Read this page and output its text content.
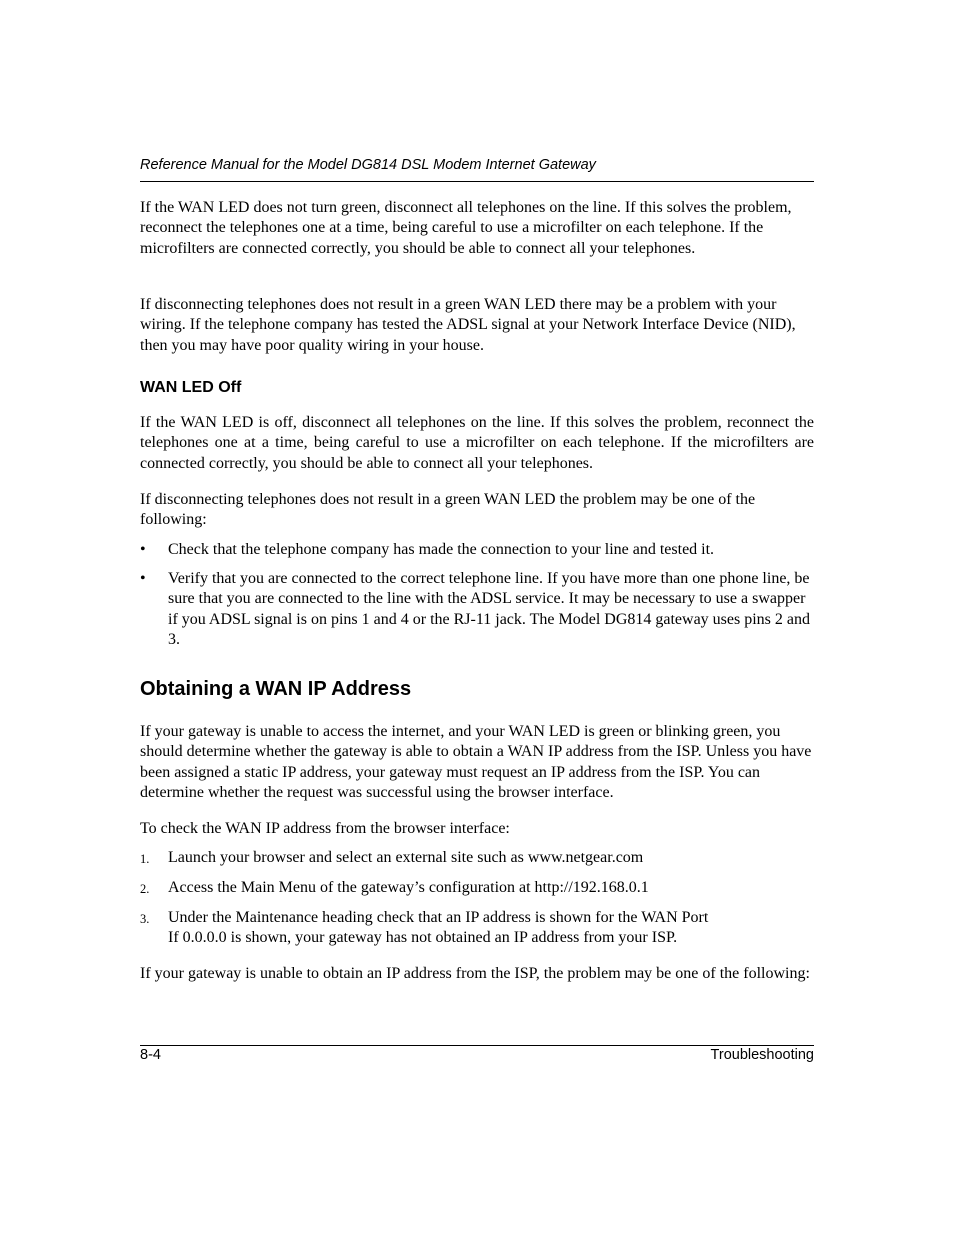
Reference Manual for the Model DG814 DSL Modem Internet Gateway

If the WAN LED does not turn green, disconnect all telephones on the line. If this solves the problem, reconnect the telephones one at a time, being careful to use a microfilter on each telephone. If the microfilters are connected correctly, you should be able to connect all your telephones.

If disconnecting telephones does not result in a green WAN LED there may be a problem with your wiring. If the telephone company has tested the ADSL signal at your Network Interface Device (NID), then you may have poor quality wiring in your house.

WAN LED Off

If the WAN LED is off, disconnect all telephones on the line. If this solves the problem, reconnect the telephones one at a time, being careful to use a microfilter on each telephone. If the microfilters are connected correctly, you should be able to connect all your telephones.

If disconnecting telephones does not result in a green WAN LED the problem may be one of the following:

• Check that the telephone company has made the connection to your line and tested it.
• Verify that you are connected to the correct telephone line. If you have more than one phone line, be sure that you are connected to the line with the ADSL service. It may be necessary to use a swapper if you ADSL signal is on pins 1 and 4 or the RJ-11 jack. The Model DG814 gateway uses pins 2 and 3.
Obtaining a WAN IP Address

If your gateway is unable to access the internet, and your WAN LED is green or blinking green, you should determine whether the gateway is able to obtain a WAN IP address from the ISP. Unless you have been assigned a static IP address, your gateway must request an IP address from the ISP. You can determine whether the request was successful using the browser interface.

To check the WAN IP address from the browser interface:

1. Launch your browser and select an external site such as www.netgear.com
2. Access the Main Menu of the gateway’s configuration at http://192.168.0.1
3. Under the Maintenance heading check that an IP address is shown for the WAN Port
If 0.0.0.0 is shown, your gateway has not obtained an IP address from your ISP.

If your gateway is unable to obtain an IP address from the ISP, the problem may be one of the following:

8-4	Troubleshooting
